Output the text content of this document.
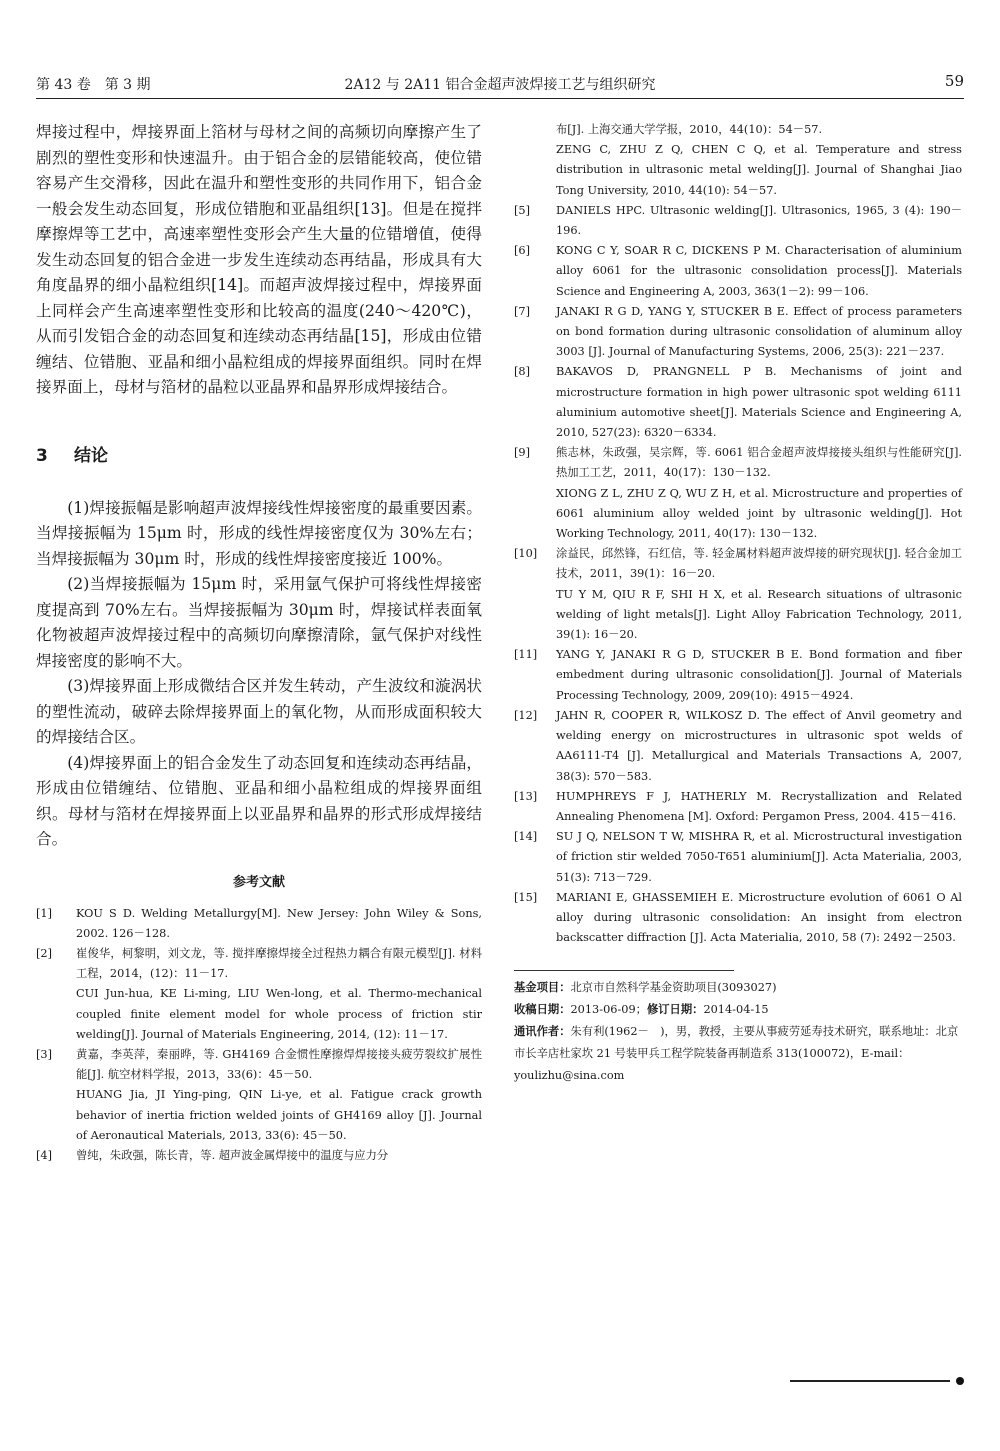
第 43 卷　第 3 期	2A12 与 2A11 铝合金超声波焊接工艺与组织研究	59

焊接过程中，焊接界面上箔材与母材之间的高频切向摩擦产生了剧烈的塑性变形和快速温升。由于铝合金的层错能较高，使位错容易产生交滑移，因此在温升和塑性变形的共同作用下，铝合金一般会发生动态回复，形成位错胞和亚晶组织[13]。但是在搅拌摩擦焊等工艺中，高速率塑性变形会产生大量的位错增值，使得发生动态回复的铝合金进一步发生连续动态再结晶，形成具有大角度晶界的细小晶粒组织[14]。而超声波焊接过程中，焊接界面上同样会产生高速率塑性变形和比较高的温度(240～420℃)，从而引发铝合金的动态回复和连续动态再结晶[15]，形成由位错缠结、位错胞、亚晶和细小晶粒组成的焊接界面组织。同时在焊接界面上，母材与箔材的晶粒以亚晶界和晶界形成焊接结合。

3 结论

(1)焊接振幅是影响超声波焊接线性焊接密度的最重要因素。当焊接振幅为 15μm 时，形成的线性焊接密度仅为 30%左右；当焊接振幅为 30μm 时，形成的线性焊接密度接近 100%。

(2)当焊接振幅为 15μm 时，采用氩气保护可将线性焊接密度提高到 70%左右。当焊接振幅为 30μm 时，焊接试样表面氧化物被超声波焊接过程中的高频切向摩擦清除，氩气保护对线性焊接密度的影响不大。

(3)焊接界面上形成微结合区并发生转动，产生波纹和漩涡状的塑性流动，破碎去除焊接界面上的氧化物，从而形成面积较大的焊接结合区。

(4)焊接界面上的铝合金发生了动态回复和连续动态再结晶，形成由位错缠结、位错胞、亚晶和细小晶粒组成的焊接界面组织。母材与箔材在焊接界面上以亚晶界和晶界的形式形成焊接结合。

参考文献
[1] KOU S D. Welding Metallurgy[M]. New Jersey: John Wiley & Sons, 2002. 126－128.
[2] 崔俊华，柯黎明，刘文龙，等. 搅拌摩擦焊接全过程热力耦合有限元模型[J]. 材料工程，2014，(12)：11－17.
CUI Jun-hua, KE Li-ming, LIU Wen-long, et al. Thermo-mechanical coupled finite element model for whole process of friction stir welding[J]. Journal of Materials Engineering, 2014, (12): 11－17.
[3] 黄嘉，李英萍，秦丽晔，等. GH4169 合金惯性摩擦焊焊接接头疲劳裂纹扩展性能[J]. 航空材料学报，2013，33(6)：45－50.
HUANG Jia, JI Ying-ping, QIN Li-ye, et al. Fatigue crack growth behavior of inertia friction welded joints of GH4169 alloy [J]. Journal of Aeronautical Materials, 2013, 33(6): 45－50.
[4] 曾纯，朱政强，陈长青，等. 超声波金属焊接中的温度与应力分
布[J]. 上海交通大学学报，2010，44(10)：54－57.
ZENG C, ZHU Z Q, CHEN C Q, et al. Temperature and stress distribution in ultrasonic metal welding[J]. Journal of Shanghai Jiao Tong University, 2010, 44(10): 54－57.
[5] DANIELS HPC. Ultrasonic welding[J]. Ultrasonics, 1965, 3 (4): 190－196.
[6] KONG C Y, SOAR R C, DICKENS P M. Characterisation of aluminium alloy 6061 for the ultrasonic consolidation process[J]. Materials Science and Engineering A, 2003, 363(1－2): 99－106.
[7] JANAKI R G D, YANG Y, STUCKER B E. Effect of process parameters on bond formation during ultrasonic consolidation of aluminum alloy 3003 [J]. Journal of Manufacturing Systems, 2006, 25(3): 221－237.
[8] BAKAVOS D, PRANGNELL P B. Mechanisms of joint and microstructure formation in high power ultrasonic spot welding 6111 aluminium automotive sheet[J]. Materials Science and Engineering A, 2010, 527(23): 6320－6334.
[9] 熊志林，朱政强，吴宗辉，等. 6061 铝合金超声波焊接接头组织与性能研究[J]. 热加工工艺，2011，40(17)：130－132.
XIONG Z L, ZHU Z Q, WU Z H, et al. Microstructure and properties of 6061 aluminium alloy welded joint by ultrasonic welding[J]. Hot Working Technology, 2011, 40(17): 130－132.
[10] 涂益民，邱然锋，石红信，等. 轻金属材料超声波焊接的研究现状[J]. 轻合金加工技术，2011，39(1)：16－20.
TU Y M, QIU R F, SHI H X, et al. Research situations of ultrasonic welding of light metals[J]. Light Alloy Fabrication Technology, 2011, 39(1): 16－20.
[11] YANG Y, JANAKI R G D, STUCKER B E. Bond formation and fiber embedment during ultrasonic consolidation[J]. Journal of Materials Processing Technology, 2009, 209(10): 4915－4924.
[12] JAHN R, COOPER R, WILKOSZ D. The effect of Anvil geometry and welding energy on microstructures in ultrasonic spot welds of AA6111-T4 [J]. Metallurgical and Materials Transactions A, 2007, 38(3): 570－583.
[13] HUMPHREYS F J, HATHERLY M. Recrystallization and Related Annealing Phenomena [M]. Oxford: Pergamon Press, 2004. 415－416.
[14] SU J Q, NELSON T W, MISHRA R, et al. Microstructural investigation of friction stir welded 7050-T651 aluminium[J]. Acta Materialia, 2003, 51(3): 713－729.
[15] MARIANI E, GHASSEMIEH E. Microstructure evolution of 6061 O Al alloy during ultrasonic consolidation: An insight from electron backscatter diffraction [J]. Acta Materialia, 2010, 58 (7): 2492－2503.
基金项目：北京市自然科学基金资助项目(3093027)
收稿日期：2013-06-09；修订日期：2014-04-15
通讯作者：朱有利(1962－　)，男，教授，主要从事疲劳延寿技术研究，联系地址：北京市长辛店杜家坎 21 号装甲兵工程学院装备再制造系 313(100072)，E-mail：youlizhu@sina.com
